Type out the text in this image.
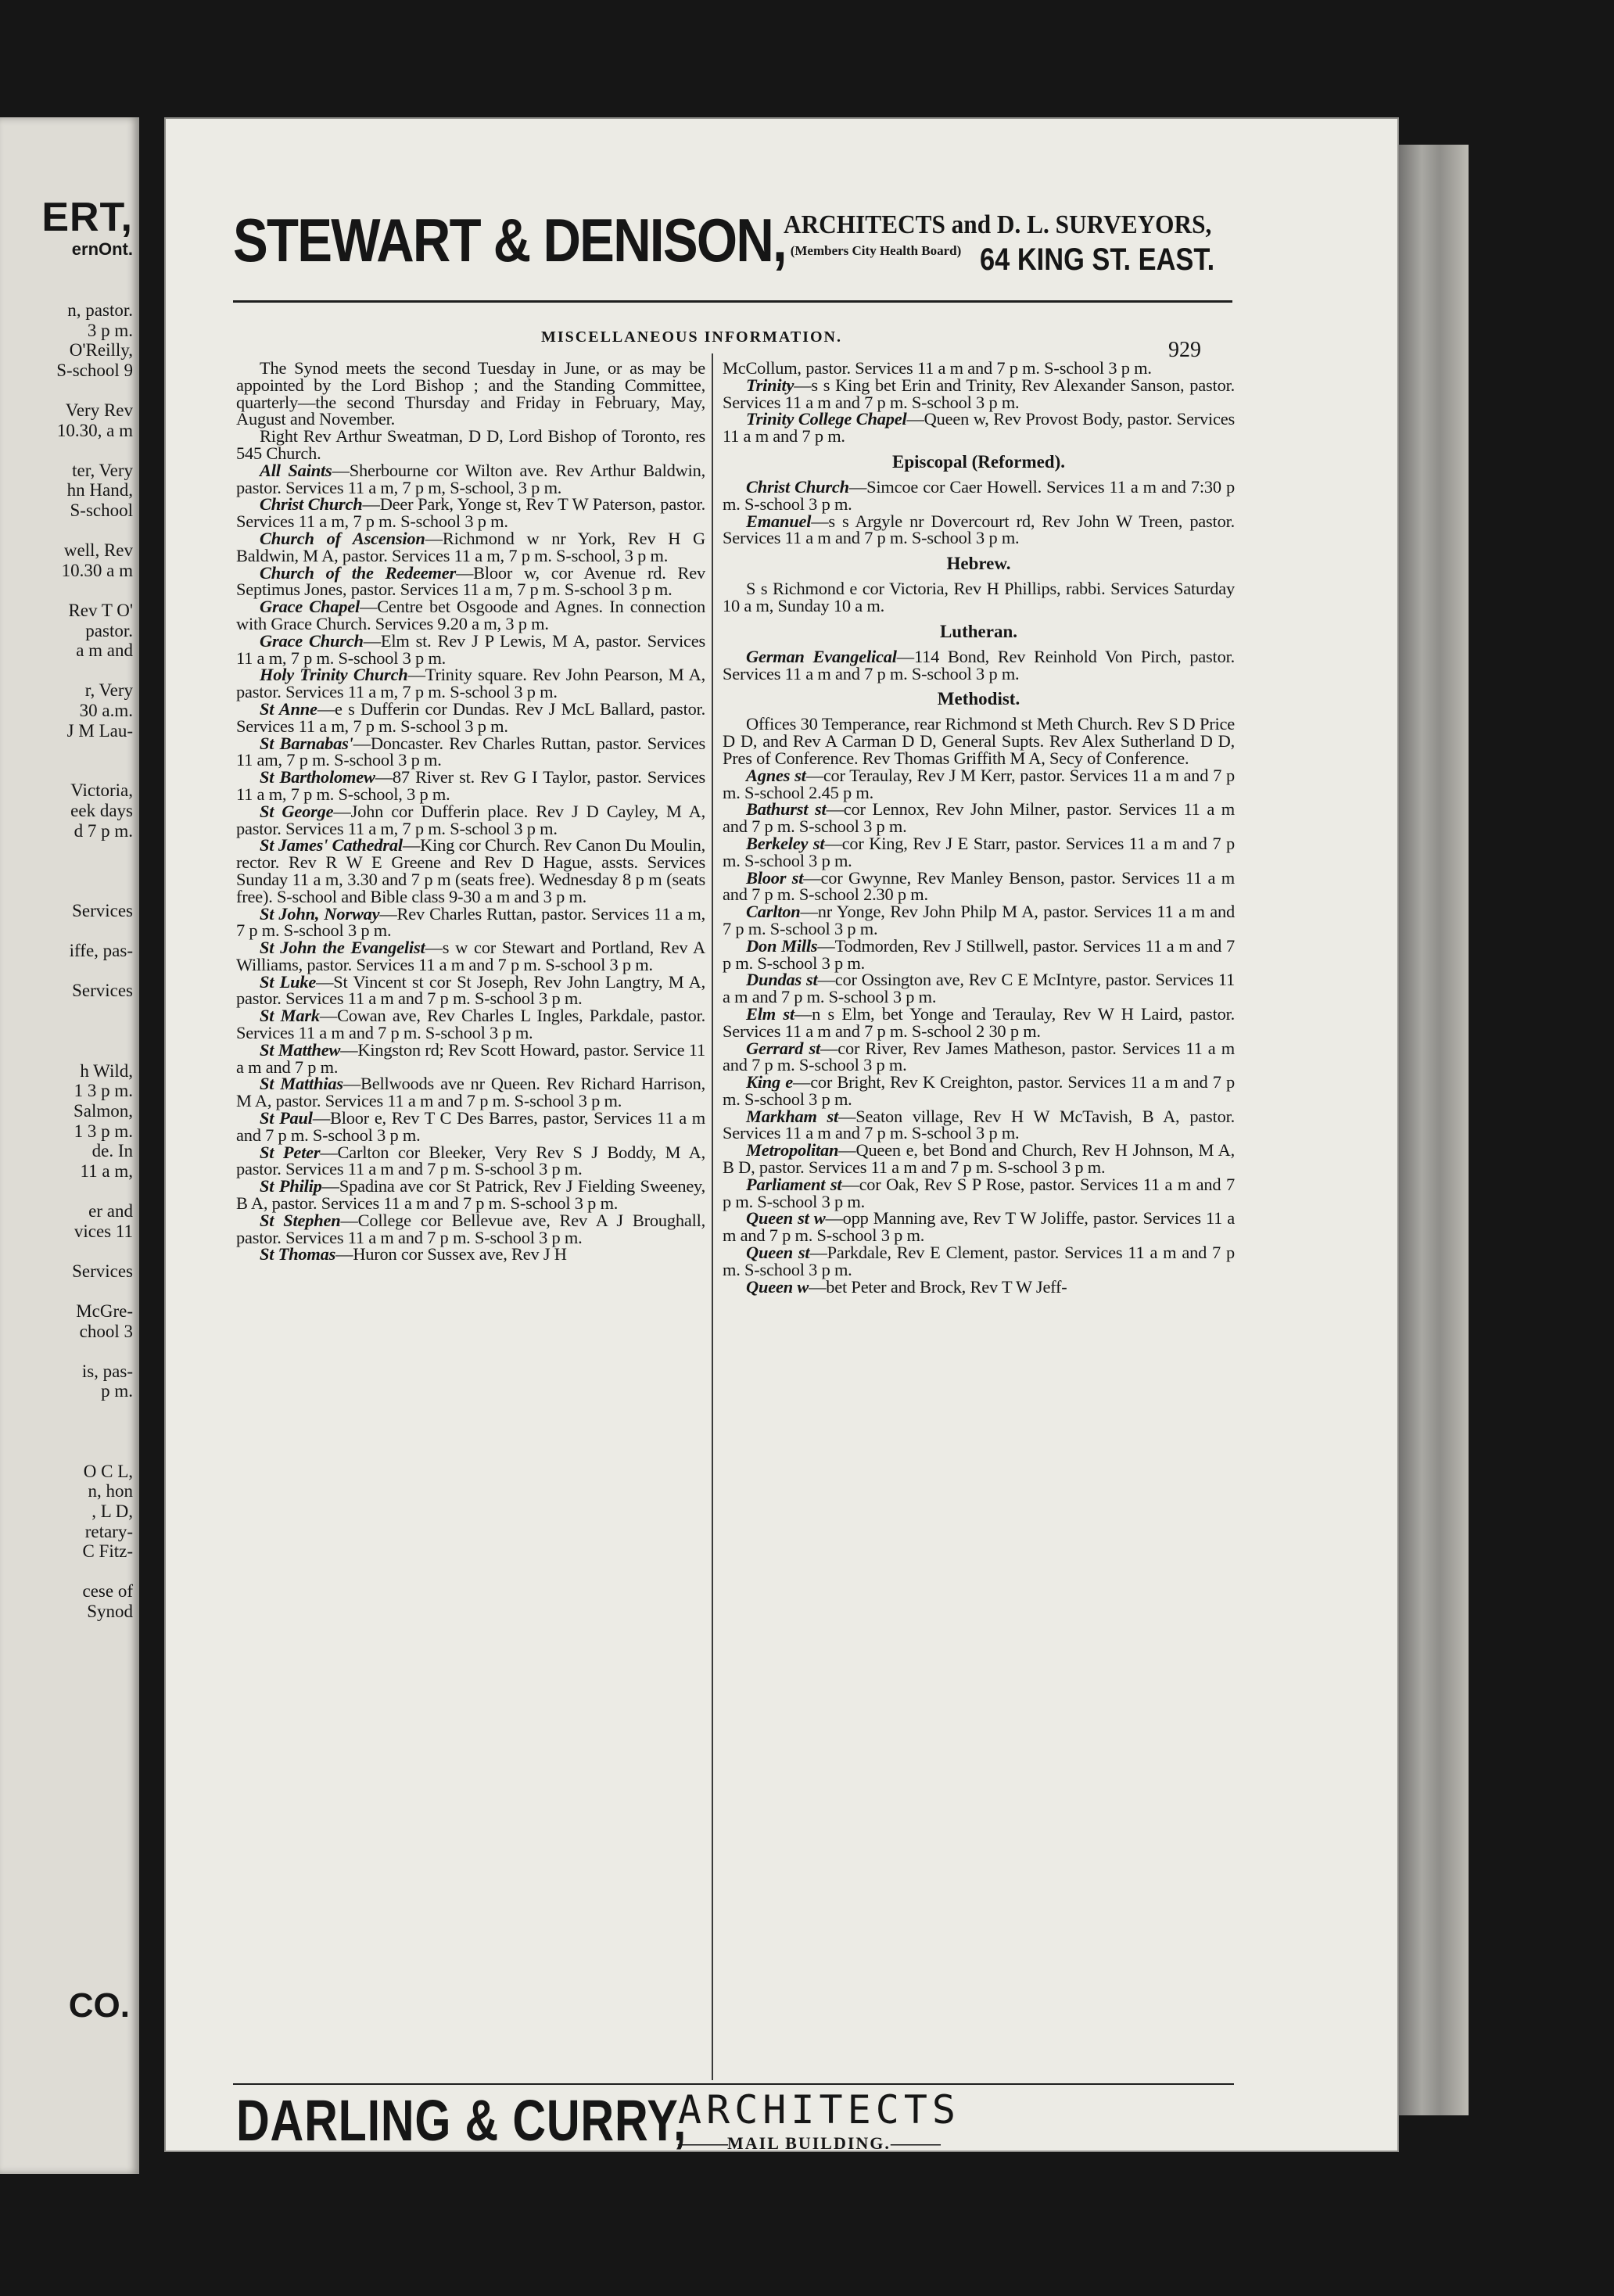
ERT,
ernOnt.
n, pastor.
3 p m.
O'Reilly,
S-school 9
Very Rev
10.30, a m
ter, Very
hn Hand,
S-school
well, Rev
10.30 a m
Rev T O'
pastor.
a m and
r, Very
30 a.m.
J M Lau-
Victoria,
eek days
d 7 p m.
Services
iffe, pas-
Services
h Wild,
1 3 p m.
Salmon,
1 3 p m.
de. In
11 a m,
er and
vices 11
Services
McGre-
chool 3
is, pas-
p m.
O C L,
n, hon
, L D,
retary-
C Fitz-
cese of
Synod
CO.
STEWART & DENISON,
ARCHITECTS and D. L. SURVEYORS,
(Members City Health Board) 64 KING ST. EAST.
MISCELLANEOUS INFORMATION.
929

The Synod meets the second Tuesday in June, or as may be appointed by the Lord Bishop ; and the Standing Committee, quarterly—the second Thursday and Friday in February, May, August and November.

Right Rev Arthur Sweatman, D D, Lord Bishop of Toronto, res 545 Church.

All Saints—Sherbourne cor Wilton ave. Rev Arthur Baldwin, pastor. Services 11 a m, 7 p m, S-school, 3 p m.

Christ Church—Deer Park, Yonge st, Rev T W Paterson, pastor. Services 11 a m, 7 p m. S-school 3 p m.

Church of Ascension—Richmond w nr York, Rev H G Baldwin, M A, pastor. Services 11 a m, 7 p m. S-school, 3 p m.

Church of the Redeemer—Bloor w, cor Avenue rd. Rev Septimus Jones, pastor. Services 11 a m, 7 p m. S-school 3 p m.

Grace Chapel—Centre bet Osgoode and Agnes. In connection with Grace Church. Services 9.20 a m, 3 p m.

Grace Church—Elm st. Rev J P Lewis, M A, pastor. Services 11 a m, 7 p m. S-school 3 p m.

Holy Trinity Church—Trinity square. Rev John Pearson, M A, pastor. Services 11 a m, 7 p m. S-school 3 p m.

St Anne—e s Dufferin cor Dundas. Rev J McL Ballard, pastor. Services 11 a m, 7 p m. S-school 3 p m.

St Barnabas'—Doncaster. Rev Charles Ruttan, pastor. Services 11 am, 7 p m. S-school 3 p m.

St Bartholomew—87 River st. Rev G I Taylor, pastor. Services 11 a m, 7 p m. S-school, 3 p m.

St George—John cor Dufferin place. Rev J D Cayley, M A, pastor. Services 11 a m, 7 p m. S-school 3 p m.

St James' Cathedral—King cor Church. Rev Canon Du Moulin, rector. Rev R W E Greene and Rev D Hague, assts. Services Sunday 11 a m, 3.30 and 7 p m (seats free). Wednesday 8 p m (seats free). S-school and Bible class 9-30 a m and 3 p m.

St John, Norway—Rev Charles Ruttan, pastor. Services 11 a m, 7 p m. S-school 3 p m.

St John the Evangelist—s w cor Stewart and Portland, Rev A Williams, pastor. Services 11 a m and 7 p m. S-school 3 p m.

St Luke—St Vincent st cor St Joseph, Rev John Langtry, M A, pastor. Services 11 a m and 7 p m. S-school 3 p m.

St Mark—Cowan ave, Rev Charles L Ingles, Parkdale, pastor. Services 11 a m and 7 p m. S-school 3 p m.

St Matthew—Kingston rd; Rev Scott Howard, pastor. Service 11 a m and 7 p m.

St Matthias—Bellwoods ave nr Queen. Rev Richard Harrison, M A, pastor. Services 11 a m and 7 p m. S-school 3 p m.

St Paul—Bloor e, Rev T C Des Barres, pastor, Services 11 a m and 7 p m. S-school 3 p m.

St Peter—Carlton cor Bleeker, Very Rev S J Boddy, M A, pastor. Services 11 a m and 7 p m. S-school 3 p m.

St Philip—Spadina ave cor St Patrick, Rev J Fielding Sweeney, B A, pastor. Services 11 a m and 7 p m. S-school 3 p m.

St Stephen—College cor Bellevue ave, Rev A J Broughall, pastor. Services 11 a m and 7 p m. S-school 3 p m.

St Thomas—Huron cor Sussex ave, Rev J H

McCollum, pastor. Services 11 a m and 7 p m. S-school 3 p m.

Trinity—s s King bet Erin and Trinity, Rev Alexander Sanson, pastor. Services 11 a m and 7 p m. S-school 3 p m.

Trinity College Chapel—Queen w, Rev Provost Body, pastor. Services 11 a m and 7 p m.

Episcopal (Reformed).

Christ Church—Simcoe cor Caer Howell. Services 11 a m and 7:30 p m. S-school 3 p m.

Emanuel—s s Argyle nr Dovercourt rd, Rev John W Treen, pastor. Services 11 a m and 7 p m. S-school 3 p m.

Hebrew.

S s Richmond e cor Victoria, Rev H Phillips, rabbi. Services Saturday 10 a m, Sunday 10 a m.

Lutheran.

German Evangelical—114 Bond, Rev Reinhold Von Pirch, pastor. Services 11 a m and 7 p m. S-school 3 p m.

Methodist.

Offices 30 Temperance, rear Richmond st Meth Church. Rev S D Price D D, and Rev A Carman D D, General Supts. Rev Alex Sutherland D D, Pres of Conference. Rev Thomas Griffith M A, Secy of Conference.

Agnes st—cor Teraulay, Rev J M Kerr, pastor. Services 11 a m and 7 p m. S-school 2.45 p m.

Bathurst st—cor Lennox, Rev John Milner, pastor. Services 11 a m and 7 p m. S-school 3 p m.

Berkeley st—cor King, Rev J E Starr, pastor. Services 11 a m and 7 p m. S-school 3 p m.

Bloor st—cor Gwynne, Rev Manley Benson, pastor. Services 11 a m and 7 p m. S-school 2.30 p m.

Carlton—nr Yonge, Rev John Philp M A, pastor. Services 11 a m and 7 p m. S-school 3 p m.

Don Mills—Todmorden, Rev J Stillwell, pastor. Services 11 a m and 7 p m. S-school 3 p m.

Dundas st—cor Ossington ave, Rev C E McIntyre, pastor. Services 11 a m and 7 p m. S-school 3 p m.

Elm st—n s Elm, bet Yonge and Teraulay, Rev W H Laird, pastor. Services 11 a m and 7 p m. S-school 2 30 p m.

Gerrard st—cor River, Rev James Matheson, pastor. Services 11 a m and 7 p m. S-school 3 p m.

King e—cor Bright, Rev K Creighton, pastor. Services 11 a m and 7 p m. S-school 3 p m.

Markham st—Seaton village, Rev H W McTavish, B A, pastor. Services 11 a m and 7 p m. S-school 3 p m.

Metropolitan—Queen e, bet Bond and Church, Rev H Johnson, M A, B D, pastor. Services 11 a m and 7 p m. S-school 3 p m.

Parliament st—cor Oak, Rev S P Rose, pastor. Services 11 a m and 7 p m. S-school 3 p m.

Queen st w—opp Manning ave, Rev T W Joliffe, pastor. Services 11 a m and 7 p m. S-school 3 p m.

Queen st—Parkdale, Rev E Clement, pastor. Services 11 a m and 7 p m. S-school 3 p m.

Queen w—bet Peter and Brock, Rev T W Jeff-

DARLING & CURRY,
ARCHITECTS
———MAIL BUILDING.———
